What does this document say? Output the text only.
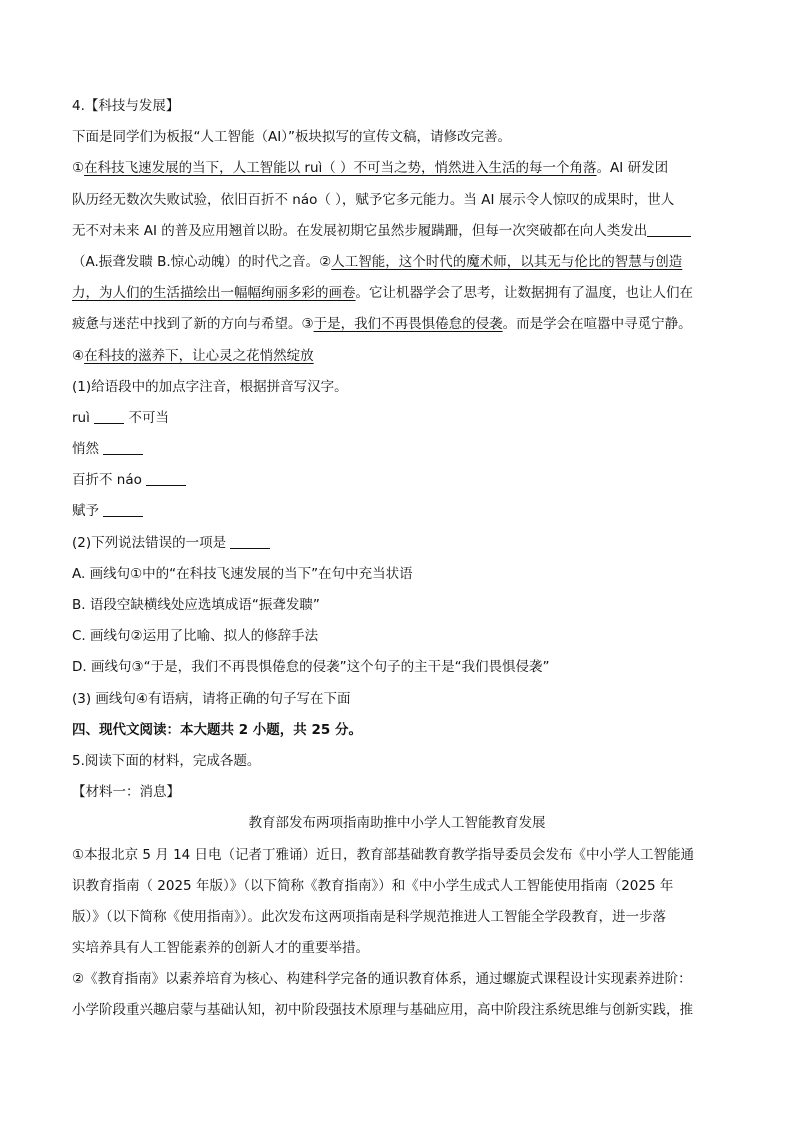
4.【科技与发展】
下面是同学们为板报“人工智能（AI）”板块拟写的宣传文稿，请修改完善。
①在科技飞速发展的当下，人工智能以 ruì（ ）不可当之势，悄然进入生活的每一个角落。AI 研发团
队历经无数次失败试验，依旧百折不 náo（ ），赋予它多元能力。当 AI 展示令人惊叹的成果时，世人
无不对未来 AI 的普及应用翘首以盼。在发展初期它虽然步履蹒跚，但每一次突破都在向人类发出
（A.振聋发聩 B.惊心动魄）的时代之音。②人工智能，这个时代的魔术师，以其无与伦比的智慧与创造
力，为人们的生活描绘出一幅幅绚丽多彩的画卷。它让机器学会了思考，让数据拥有了温度，也让人们在
疲惫与迷茫中找到了新的方向与希望。③于是，我们不再畏惧倦怠的侵袭。而是学会在喧嚣中寻觅宁静。
④在科技的滋养下，让心灵之花悄然绽放
(1)给语段中的加点字注音，根据拼音写汉字。
ruì	不可当
悄然
百折不 náo
赋予
(2)下列说法错误的一项是
A. 画线句①中的“在科技飞速发展的当下”在句中充当状语
B. 语段空缺横线处应选填成语“振聋发聩”
C. 画线句②运用了比喻、拟人的修辞手法
D. 画线句③“于是，我们不再畏惧倦怠的侵袭”这个句子的主干是“我们畏惧侵袭”
(3) 画线句④有语病，请将正确的句子写在下面
四、现代文阅读：本大题共 2 小题，共 25 分。
5.阅读下面的材料，完成各题。
【材料一：消息】
教育部发布两项指南助推中小学人工智能教育发展
①本报北京 5 月 14 日电（记者丁雅诵）近日，教育部基础教育教学指导委员会发布《中小学人工智能通
识教育指南（ 2025 年版）》（以下简称《教育指南》）和《中小学生成式人工智能使用指南（2025 年
版）》（以下简称《使用指南》）。此次发布这两项指南是科学规范推进人工智能全学段教育，进一步落
实培养具有人工智能素养的创新人才的重要举措。
②《教育指南》以素养培育为核心、构建科学完备的通识教育体系，通过螺旋式课程设计实现素养进阶：
小学阶段重兴趣启蒙与基础认知，初中阶段强技术原理与基础应用，高中阶段注系统思维与创新实践，推
